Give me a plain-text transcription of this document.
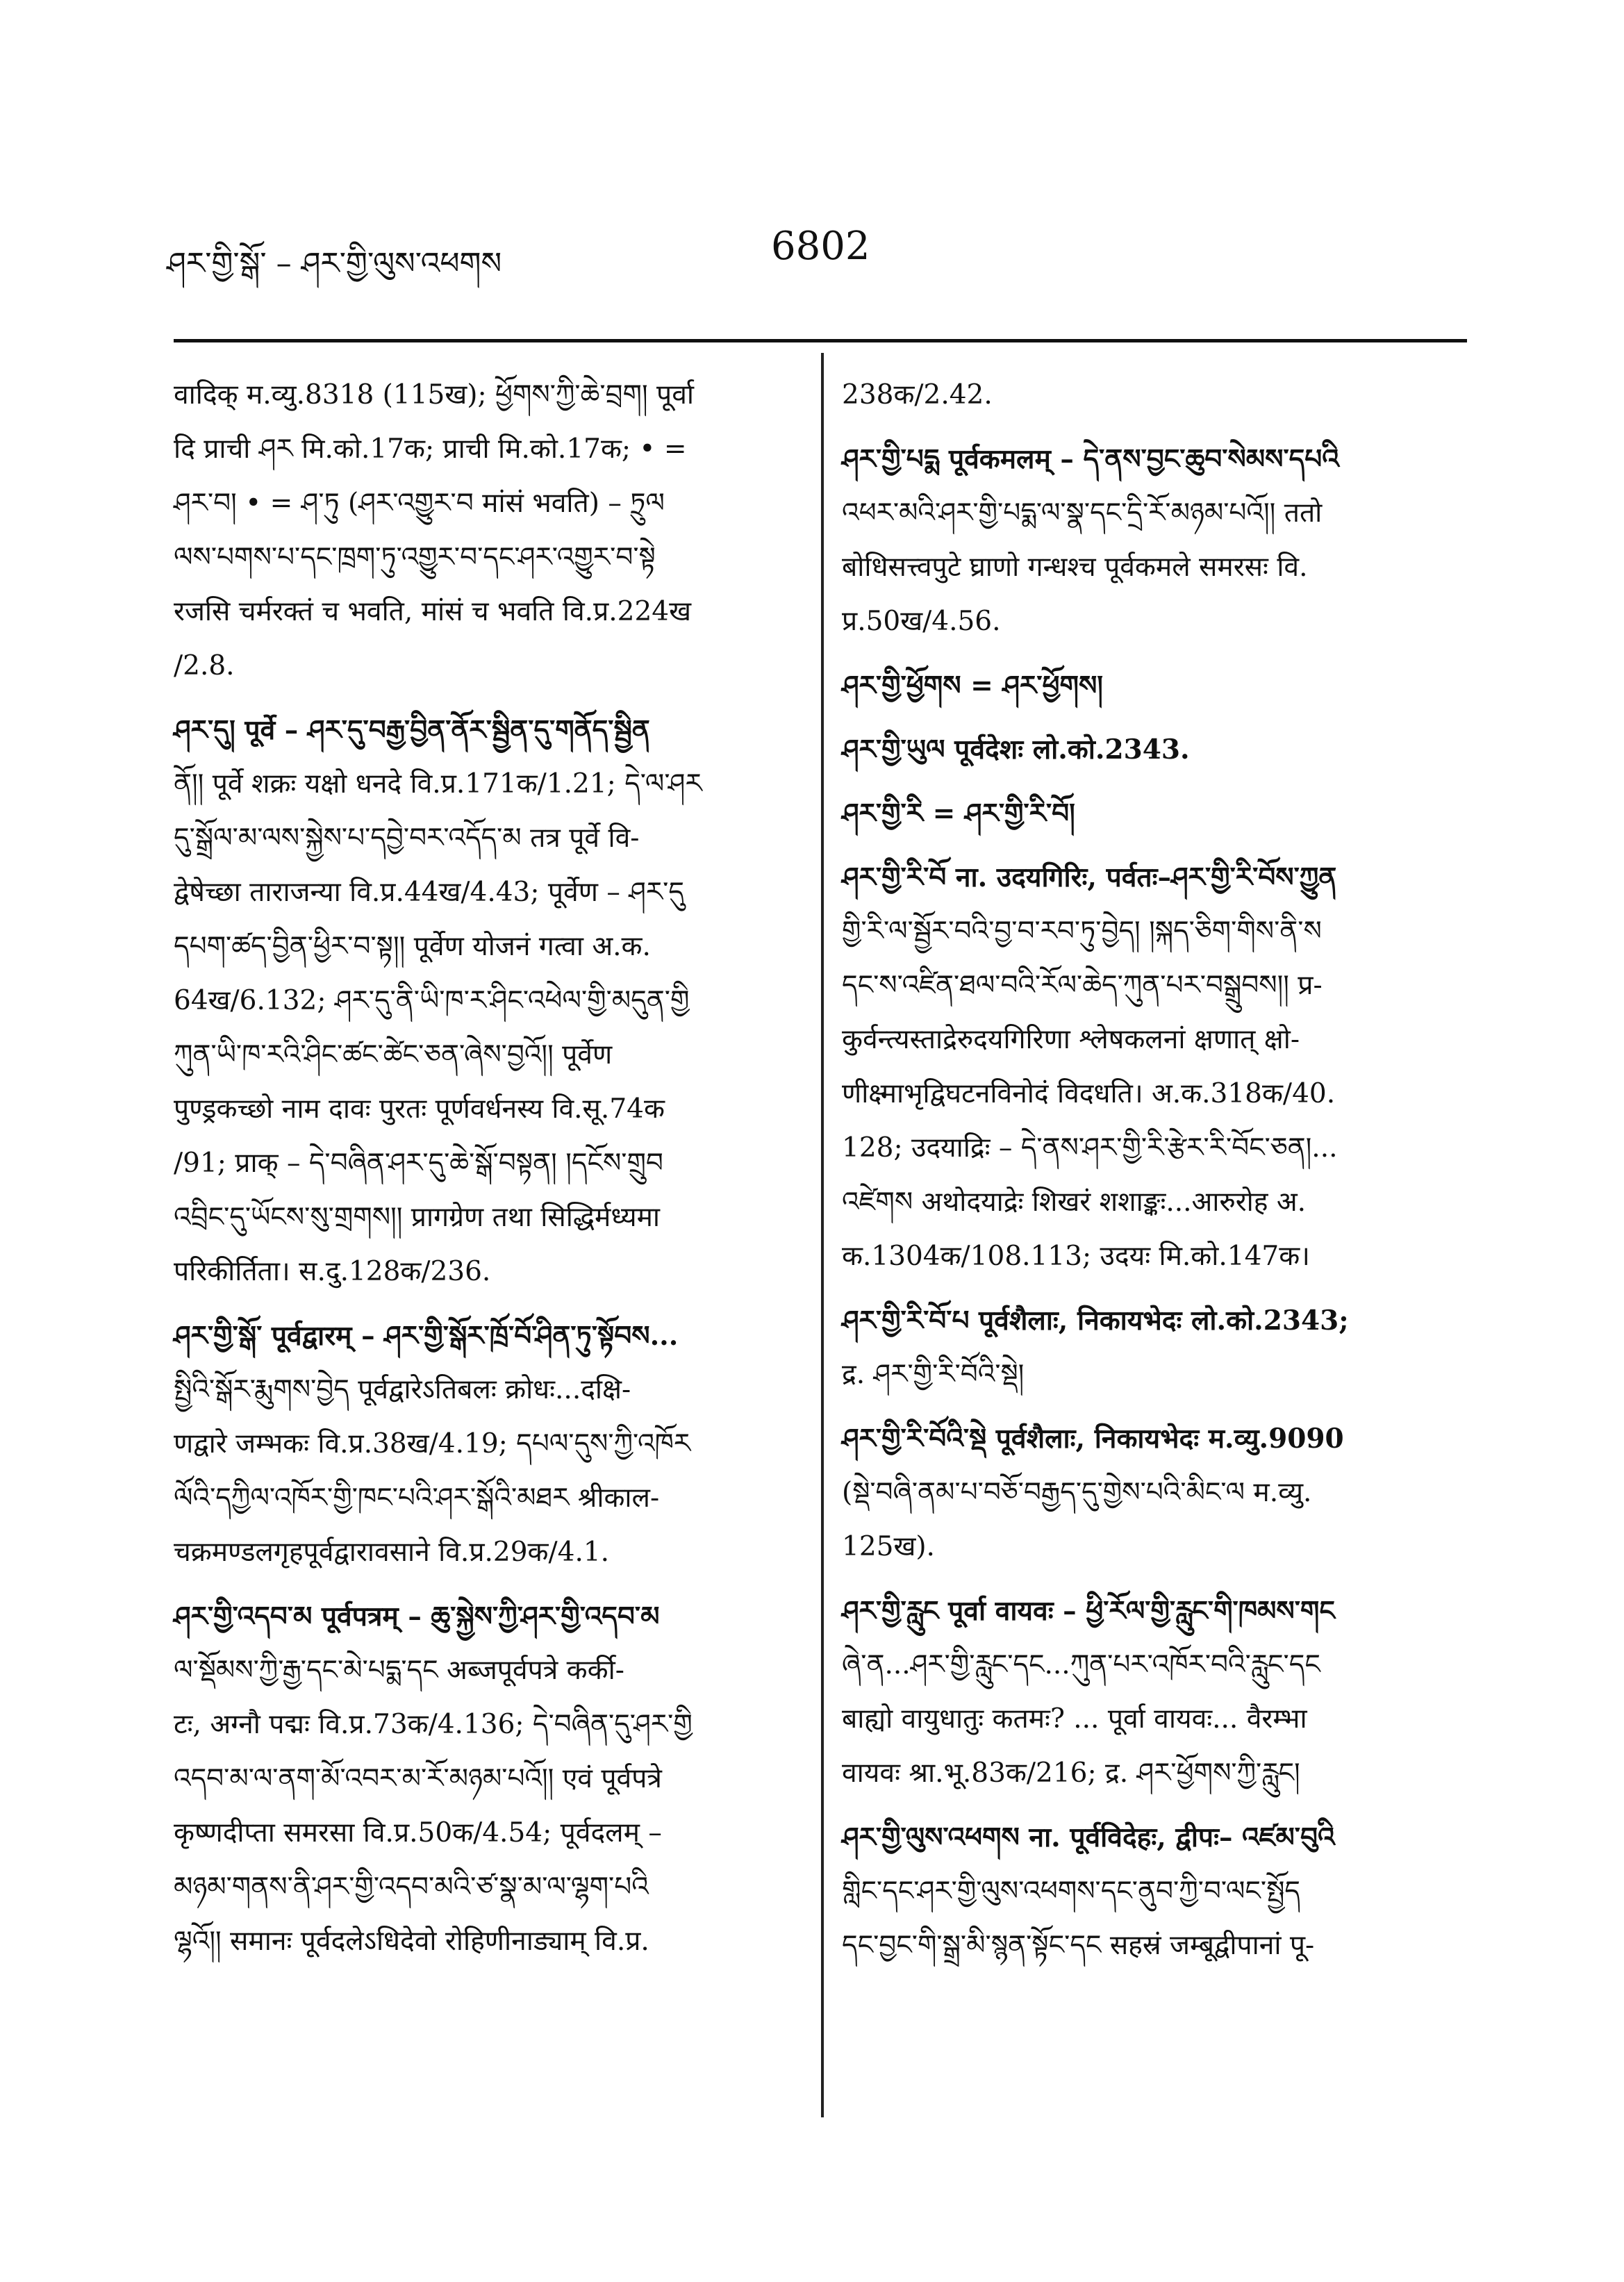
ཤར་གྱི་སྒོ་ – ཤར་གྱི་ལུས་འཕགས	6802
वादिक् म.व्यु.8318 (115ख); ཕྱོགས་ཀྱི་ཆེ་བྲག། पूर्वा
दि प्राची ཤར मि.को.17क; प्राची मि.को.17क; • =
ཤར་བ། • = ཤ་ཏུ (ཤར་འགྱུར་བ मांसं भवति) – ཏྲུལ
ལས་པགས་པ་དང་ཁྲག་ཏུ་འགྱུར་བ་དང་ཤར་འགྱུར་བ་སྟེ
रजसि चर्मरक्तं च भवति, मांसं च भवति वि.प्र.224ख
/2.8.
ཤར་དུ། पूर्वे – ཤར་དུ་བརྒྱ་བྱིན་ནོར་སྦྱིན་དུ་གནོད་སྦྱིན
ནོ།། पूर्वे शक्रः यक्षो धनदे वि.प्र.171क/1.21; དེ་ལ་ཤར
དུ་སྒྲོལ་མ་ལས་སྐྱེས་པ་དབྱེ་བར་འདོད་མ तत्र पूर्वे वि-
द्वेषेच्छा ताराजन्या वि.प्र.44ख/4.43; पूर्वेण – ཤར་དུ
དཔག་ཚད་བྱིན་ཕྱིར་བ་སྟ།། पूर्वेण योजनं गत्वा अ.क.
64ख/6.132; ཤར་དུ་ནི་ཡི་ཁ་ར་ཤིང་འཕེལ་གྱི་མདུན་གྱི
ཀུན་ཡི་ཁ་རའི་ཤིང་ཚང་ཚེང་ཅན་ཞེས་བྱའོ།། पूर्वेण
पुण्ड्रकच्छो नाम दावः पुरतः पूर्णवर्धनस्य वि.सू.74क
/91; प्राक् – དེ་བཞིན་ཤར་དུ་ཆེ་སྒོ་བསྟན། །དངོས་གྲུབ
འབྲིང་དུ་ཡོངས་སུ་གྲགས།། प्रागग्रेण तथा सिद्धिर्मध्यमा
परिकीर्तिता। स.दु.128क/236.
ཤར་གྱི་སྒོ་ पूर्वद्वारम् – ཤར་གྱི་སྒོར་ཁྲོ་བོ་ཤིན་ཏུ་སྟོབས...
སྤྱིའི་སྒོར་རྨུགས་བྱེད पूर्वद्वारेऽतिबलः क्रोधः...दक्षि-
णद्वारे जम्भकः वि.प्र.38ख/4.19; དཔལ་དུས་ཀྱི་འཁོར
ལོའི་དཀྱིལ་འཁོར་གྱི་ཁང་པའི་ཤར་སྒོའི་མཐར श्रीकाल-
चक्रमण्डलगृहपूर्वद्वारावसाने वि.प्र.29क/4.1.
ཤར་གྱི་འདབ་མ पूर्वपत्रम् – ཆུ་སྐྱེས་ཀྱི་ཤར་གྱི་འདབ་མ
ལ་སྡོམས་ཀྱི་རྒྱ་དང་མེ་པདྨ་དང अब्जपूर्वपत्रे कर्की-
टः, अग्नौ पद्मः वि.प्र.73क/4.136; དེ་བཞིན་དུ་ཤར་གྱི
འདབ་མ་ལ་ནག་མོ་འབར་མ་རོ་མཉམ་པའོ།། एवं पूर्वपत्रे
कृष्णदीप्ता समरसा वि.प्र.50क/4.54; पूर्वदलम् –
མཉམ་གནས་ནི་ཤར་གྱི་འདབ་མའི་ཙ་སྣ་མ་ལ་ལྷག་པའི
ལྷའོ།། समानः पूर्वदलेऽधिदेवो रोहिणीनाड्याम् वि.प्र.
238क/2.42.
ཤར་གྱི་པདྨ पूर्वकमलम् – དེ་ནས་བྱང་ཆུབ་སེམས་དཔའི
འཕར་མའི་ཤར་གྱི་པདྨ་ལ་སྣ་དང་དྲི་རོ་མཉམ་པའོ།། ततो
बोधिसत्त्वपुटे घ्राणो गन्धश्च पूर्वकमले समरसः वि.
प्र.50ख/4.56.
ཤར་གྱི་ཕྱོགས = ཤར་ཕྱོགས།
ཤར་གྱི་ཡུལ पूर्वदेशः लो.को.2343.
ཤར་གྱི་རི = ཤར་གྱི་རི་བོ།
ཤར་གྱི་རི་བོ ना. उदयगिरिः, पर्वतः–ཤར་གྱི་རི་བོས་ཀྱུན
གྱི་རི་ལ་སྦྱོར་བའི་བྱ་བ་རབ་ཏུ་བྱེད། །སྐད་ཅིག་གིས་ནི་ས
དང་ས་འཛིན་ཐལ་བའི་རོལ་ཆེད་ཀུན་པར་བསྒྲུབས།། प्र-
कुर्वन्त्यस्ताद्रेरुदयगिरिणा श्लेषकलनां क्षणात् क्षो-
णीक्ष्माभृद्विघटनविनोदं विदधति। अ.क.318क/40.
128; उदयाद्रिः – དེ་ནས་ཤར་གྱི་རི་རྩེར་རི་བོང་ཅན།...
འཛེགས अथोदयाद्रेः शिखरं शशाङ्कः...आरुरोह अ.
क.1304क/108.113; उदयः मि.को.147क।
ཤར་གྱི་རི་བོ་པ पूर्वशैलाः, निकायभेदः लो.को.2343;
द्र. ཤར་གྱི་རི་བོའི་སྡེ།
ཤར་གྱི་རི་བོའི་སྡེ पूर्वशैलाः, निकायभेदः म.व्यु.9090
(སྡེ་བཞི་ནམ་པ་བཅོ་བརྒྱད་དུ་གྱེས་པའི་མིང་ལ म.व्यु.
125ख).
ཤར་གྱི་རླུང पूर्वा वायवः – ཕྱི་རོལ་གྱི་རླུང་གི་ཁམས་གང
ཞེ་ན...ཤར་གྱི་རླུང་དང...ཀུན་པར་འཁོར་བའི་རླུང་དང
बाह्यो वायुधातुः कतमः? ... पूर्वा वायवः... वैरम्भा
वायवः श्रा.भू.83क/216; द्र. ཤར་ཕྱོགས་ཀྱི་རླུང།
ཤར་གྱི་ལུས་འཕགས ना. पूर्वविदेहः, द्वीपः– འཛམ་བུའི
གླིང་དང་ཤར་གྱི་ལུས་འཕགས་དང་ནུབ་ཀྱི་བ་ལང་སྤྱོད
དང་བྱང་གི་སྒྲ་མི་སྙན་སྟོང་དང सहस्रं जम्बूद्वीपानां पू-
